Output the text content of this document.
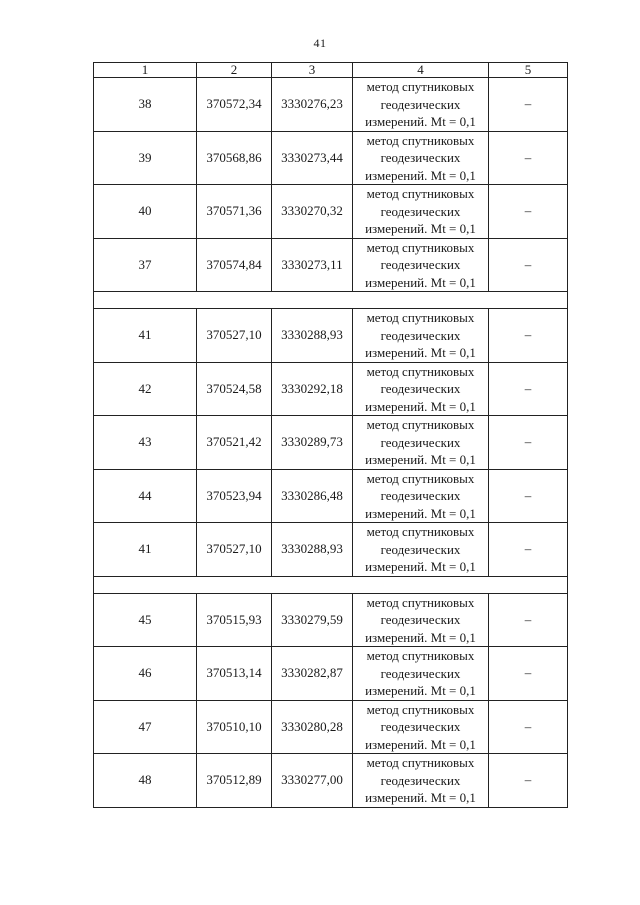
41
1	2	3	4	5
38	370572,34	3330276,23	метод спутниковых
геодезических
измерений. Mt = 0,1	–
39	370568,86	3330273,44	метод спутниковых
геодезических
измерений. Mt = 0,1	–
40	370571,36	3330270,32	метод спутниковых
геодезических
измерений. Mt = 0,1	–
37	370574,84	3330273,11	метод спутниковых
геодезических
измерений. Mt = 0,1	–

41	370527,10	3330288,93	метод спутниковых
геодезических
измерений. Mt = 0,1	–
42	370524,58	3330292,18	метод спутниковых
геодезических
измерений. Mt = 0,1	–
43	370521,42	3330289,73	метод спутниковых
геодезических
измерений. Mt = 0,1	–
44	370523,94	3330286,48	метод спутниковых
геодезических
измерений. Mt = 0,1	–
41	370527,10	3330288,93	метод спутниковых
геодезических
измерений. Mt = 0,1	–

45	370515,93	3330279,59	метод спутниковых
геодезических
измерений. Mt = 0,1	–
46	370513,14	3330282,87	метод спутниковых
геодезических
измерений. Mt = 0,1	–
47	370510,10	3330280,28	метод спутниковых
геодезических
измерений. Mt = 0,1	–
48	370512,89	3330277,00	метод спутниковых
геодезических
измерений. Mt = 0,1	–
